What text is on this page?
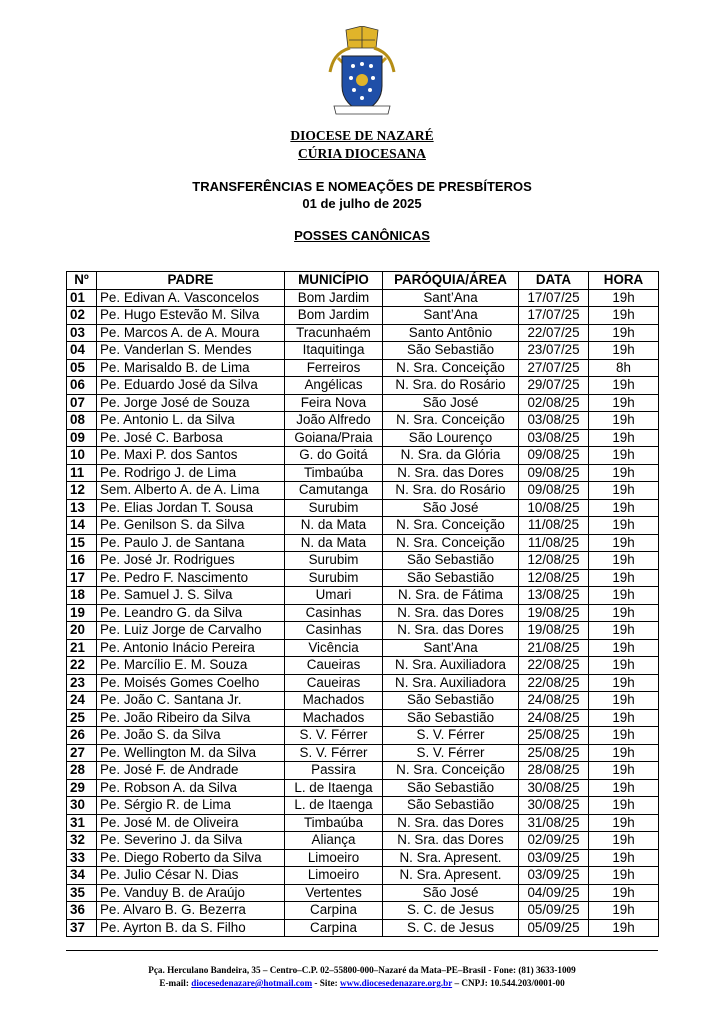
DIOCESE DE NAZARÉ
CÚRIA DIOCESANA
TRANSFERÊNCIAS E NOMEAÇÕES DE PRESBÍTEROS
01 de julho de 2025
POSSES CANÔNICAS
Nº	PADRE	MUNICÍPIO	PARÓQUIA/ÁREA	DATA	HORA
01	Pe. Edivan A. Vasconcelos	Bom Jardim	Sant’Ana	17/07/25	19h
02	Pe. Hugo Estevão M. Silva	Bom Jardim	Sant’Ana	17/07/25	19h
03	Pe. Marcos A. de A. Moura	Tracunhaém	Santo Antônio	22/07/25	19h
04	Pe. Vanderlan S. Mendes	Itaquitinga	São Sebastião	23/07/25	19h
05	Pe. Marisaldo B. de Lima	Ferreiros	N. Sra. Conceição	27/07/25	8h
06	Pe. Eduardo José da Silva	Angélicas	N. Sra. do Rosário	29/07/25	19h
07	Pe. Jorge José de Souza	Feira Nova	São José	02/08/25	19h
08	Pe. Antonio L. da Silva	João Alfredo	N. Sra. Conceição	03/08/25	19h
09	Pe. José C. Barbosa	Goiana/Praia	São Lourenço	03/08/25	19h
10	Pe. Maxi P. dos Santos	G. do Goitá	N. Sra. da Glória	09/08/25	19h
11	Pe. Rodrigo J. de Lima	Timbaúba	N. Sra. das Dores	09/08/25	19h
12	Sem. Alberto A. de A. Lima	Camutanga	N. Sra. do Rosário	09/08/25	19h
13	Pe. Elias Jordan T. Sousa	Surubim	São José	10/08/25	19h
14	Pe. Genilson S. da Silva	N. da Mata	N. Sra. Conceição	11/08/25	19h
15	Pe. Paulo J. de Santana	N. da Mata	N. Sra. Conceição	11/08/25	19h
16	Pe. José Jr. Rodrigues	Surubim	São Sebastião	12/08/25	19h
17	Pe. Pedro F. Nascimento	Surubim	São Sebastião	12/08/25	19h
18	Pe. Samuel J. S. Silva	Umari	N. Sra. de Fátima	13/08/25	19h
19	Pe. Leandro G. da Silva	Casinhas	N. Sra. das Dores	19/08/25	19h
20	Pe. Luiz Jorge de Carvalho	Casinhas	N. Sra. das Dores	19/08/25	19h
21	Pe. Antonio Inácio Pereira	Vicência	Sant’Ana	21/08/25	19h
22	Pe. Marcílio E. M. Souza	Caueiras	N. Sra. Auxiliadora	22/08/25	19h
23	Pe. Moisés Gomes Coelho	Caueiras	N. Sra. Auxiliadora	22/08/25	19h
24	Pe. João C. Santana Jr.	Machados	São Sebastião	24/08/25	19h
25	Pe. João Ribeiro da Silva	Machados	São Sebastião	24/08/25	19h
26	Pe. João S. da Silva	S. V. Férrer	S. V. Férrer	25/08/25	19h
27	Pe. Wellington M. da Silva	S. V. Férrer	S. V. Férrer	25/08/25	19h
28	Pe. José F. de Andrade	Passira	N. Sra. Conceição	28/08/25	19h
29	Pe. Robson A. da Silva	L. de Itaenga	São Sebastião	30/08/25	19h
30	Pe. Sérgio R. de Lima	L. de Itaenga	São Sebastião	30/08/25	19h
31	Pe. José M. de Oliveira	Timbaúba	N. Sra. das Dores	31/08/25	19h
32	Pe. Severino J. da Silva	Aliança	N. Sra. das Dores	02/09/25	19h
33	Pe. Diego Roberto da Silva	Limoeiro	N. Sra. Apresent.	03/09/25	19h
34	Pe. Julio César N. Dias	Limoeiro	N. Sra. Apresent.	03/09/25	19h
35	Pe. Vanduy B. de Araújo	Vertentes	São José	04/09/25	19h
36	Pe. Alvaro B. G. Bezerra	Carpina	S. C. de Jesus	05/09/25	19h
37	Pe. Ayrton B. da S. Filho	Carpina	S. C. de Jesus	05/09/25	19h
Pça. Herculano Bandeira, 35 – Centro–C.P. 02–55800-000–Nazaré da Mata–PE–Brasil - Fone: (81) 3633-1009
E-mail: diocesedenazare@hotmail.com - Site: www.diocesedenazare.org.br – CNPJ: 10.544.203/0001-00
